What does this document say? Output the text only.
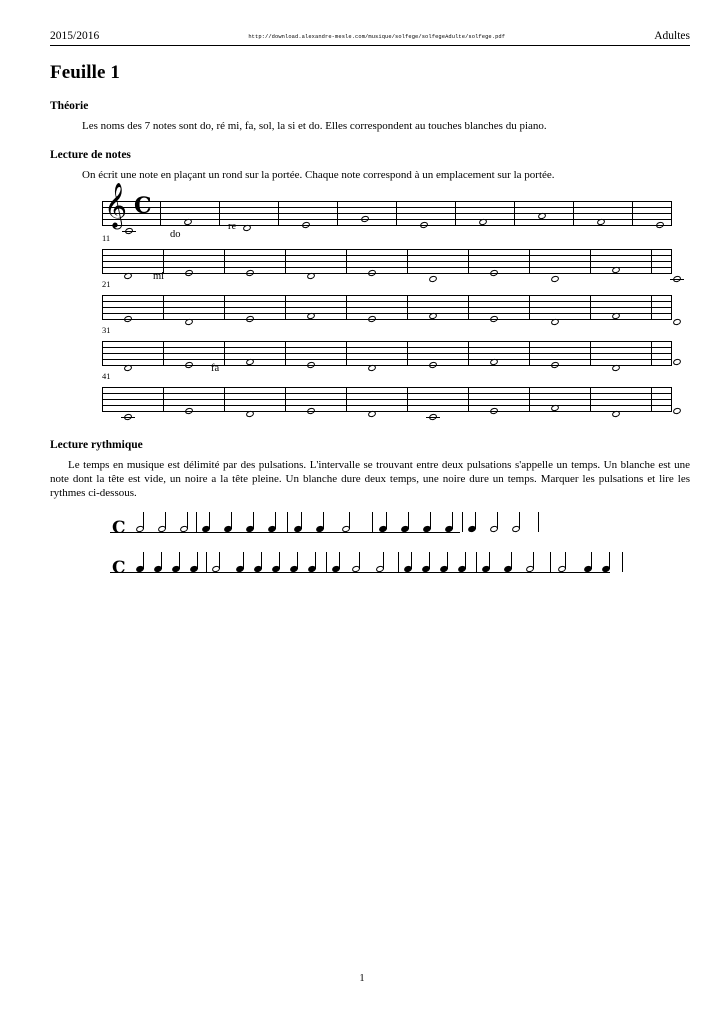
2015/2016	http://download.alexandre-mesle.com/musique/solfege/solfegeAdulte/solfege.pdf	Adultes
Feuille 1
Théorie

Les noms des 7 notes sont do, ré mi, fa, sol, la si et do. Elles correspondent au touches blanches du piano.

Lecture de notes

On écrit une note en plaçant un rond sur la portée. Chaque note correspond à un emplacement sur la portée.

𝄞 C
do
re
11
mi
21
31
fa
41
Lecture rythmique

Le temps en musique est délimité par des pulsations. L'intervalle se trouvant entre deux pulsations s'appelle un temps. Un blanche est une note dont la tête est vide, un noire a la tête pleine. Un blanche dure deux temps, une noire dure un temps. Marquer les pulsations et lire les rythmes ci-dessous.

C
C
1
